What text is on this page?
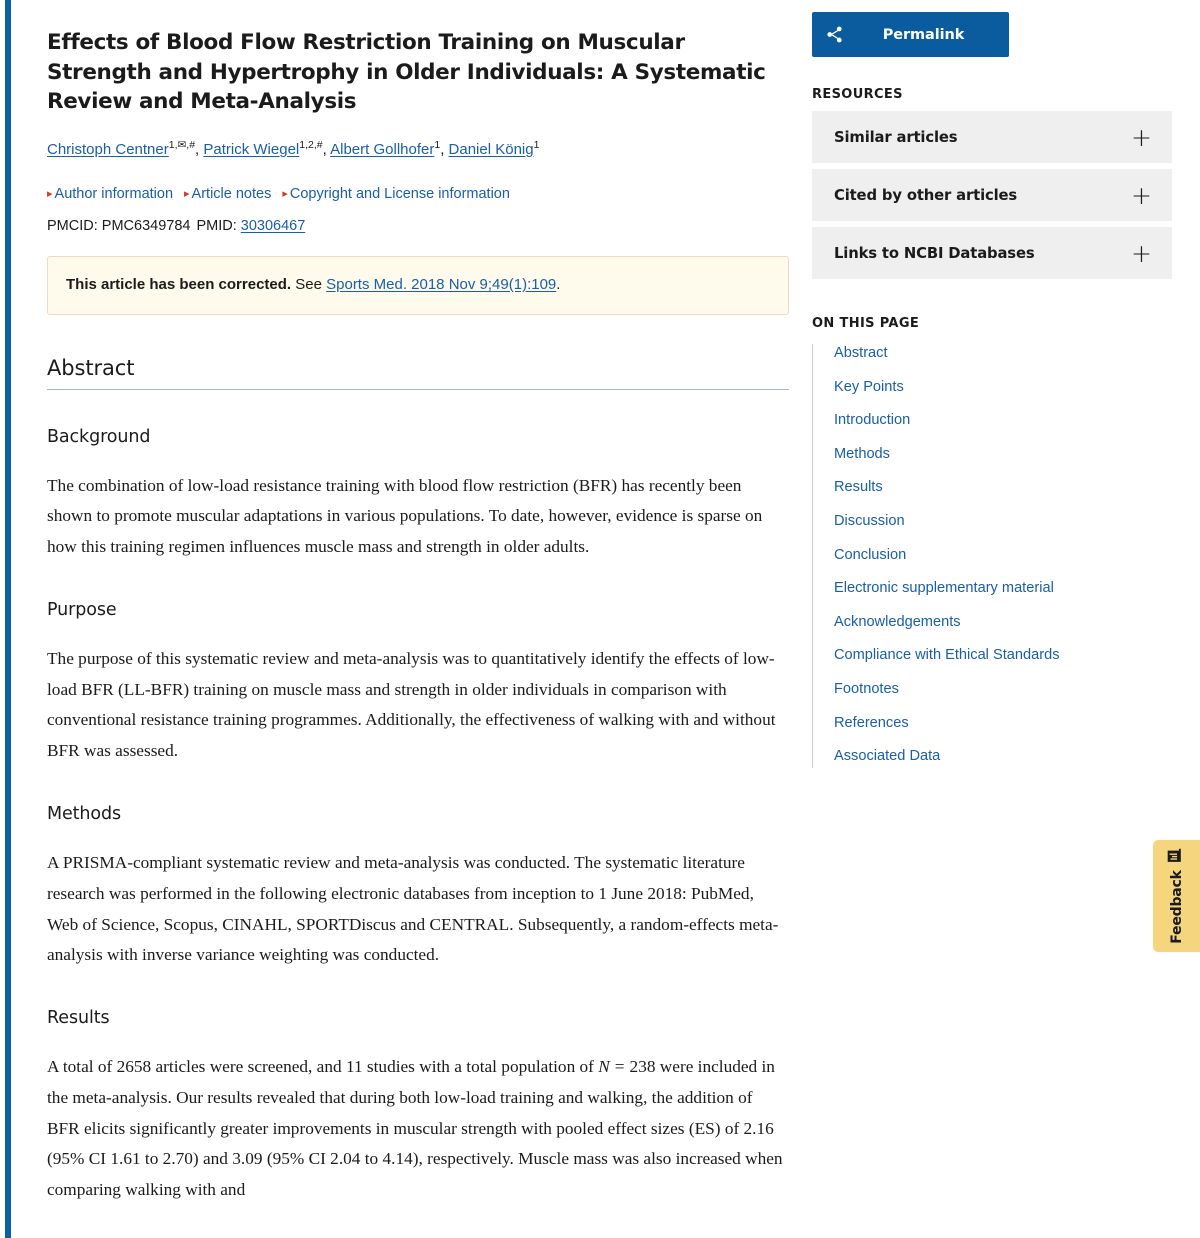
Effects of Blood Flow Restriction Training on Muscular Strength and Hypertrophy in Older Individuals: A Systematic Review and Meta-Analysis
Christoph Centner$^{1,✉,\#}$, Patrick Wiegel$^{1,2,\#}$, Albert Gollhofer$^1$, Daniel König$^1$
▸ Author information ▸ Article notes ▸ Copyright and License information
PMCID: PMC6349784 PMID: 30306467
This article has been corrected. See Sports Med. 2018 Nov 9;49(1):109.
Abstract
Background

The combination of low-load resistance training with blood flow restriction (BFR) has recently been shown to promote muscular adaptations in various populations. To date, however, evidence is sparse on how this training regimen influences muscle mass and strength in older adults.

Purpose

The purpose of this systematic review and meta-analysis was to quantitatively identify the effects of low-load BFR (LL-BFR) training on muscle mass and strength in older individuals in comparison with conventional resistance training programmes. Additionally, the effectiveness of walking with and without BFR was assessed.

Methods

A PRISMA-compliant systematic review and meta-analysis was conducted. The systematic literature research was performed in the following electronic databases from inception to 1 June 2018: PubMed, Web of Science, Scopus, CINAHL, SPORTDiscus and CENTRAL. Subsequently, a random-effects meta-analysis with inverse variance weighting was conducted.

Results

A total of 2658 articles were screened, and 11 studies with a total population of N = 238 were included in the meta-analysis. Our results revealed that during both low-load training and walking, the addition of BFR elicits significantly greater improvements in muscular strength with pooled effect sizes (ES) of 2.16 (95% CI 1.61 to 2.70) and 3.09 (95% CI 2.04 to 4.14), respectively. Muscle mass was also increased when comparing walking with and

Permalink
RESOURCES
Similar articles	+
Cited by other articles	+
Links to NCBI Databases	+
ON THIS PAGE
Abstract
Key Points
Introduction
Methods
Results
Discussion
Conclusion
Electronic supplementary material
Acknowledgements
Compliance with Ethical Standards
Footnotes
References
Associated Data
Feedback
